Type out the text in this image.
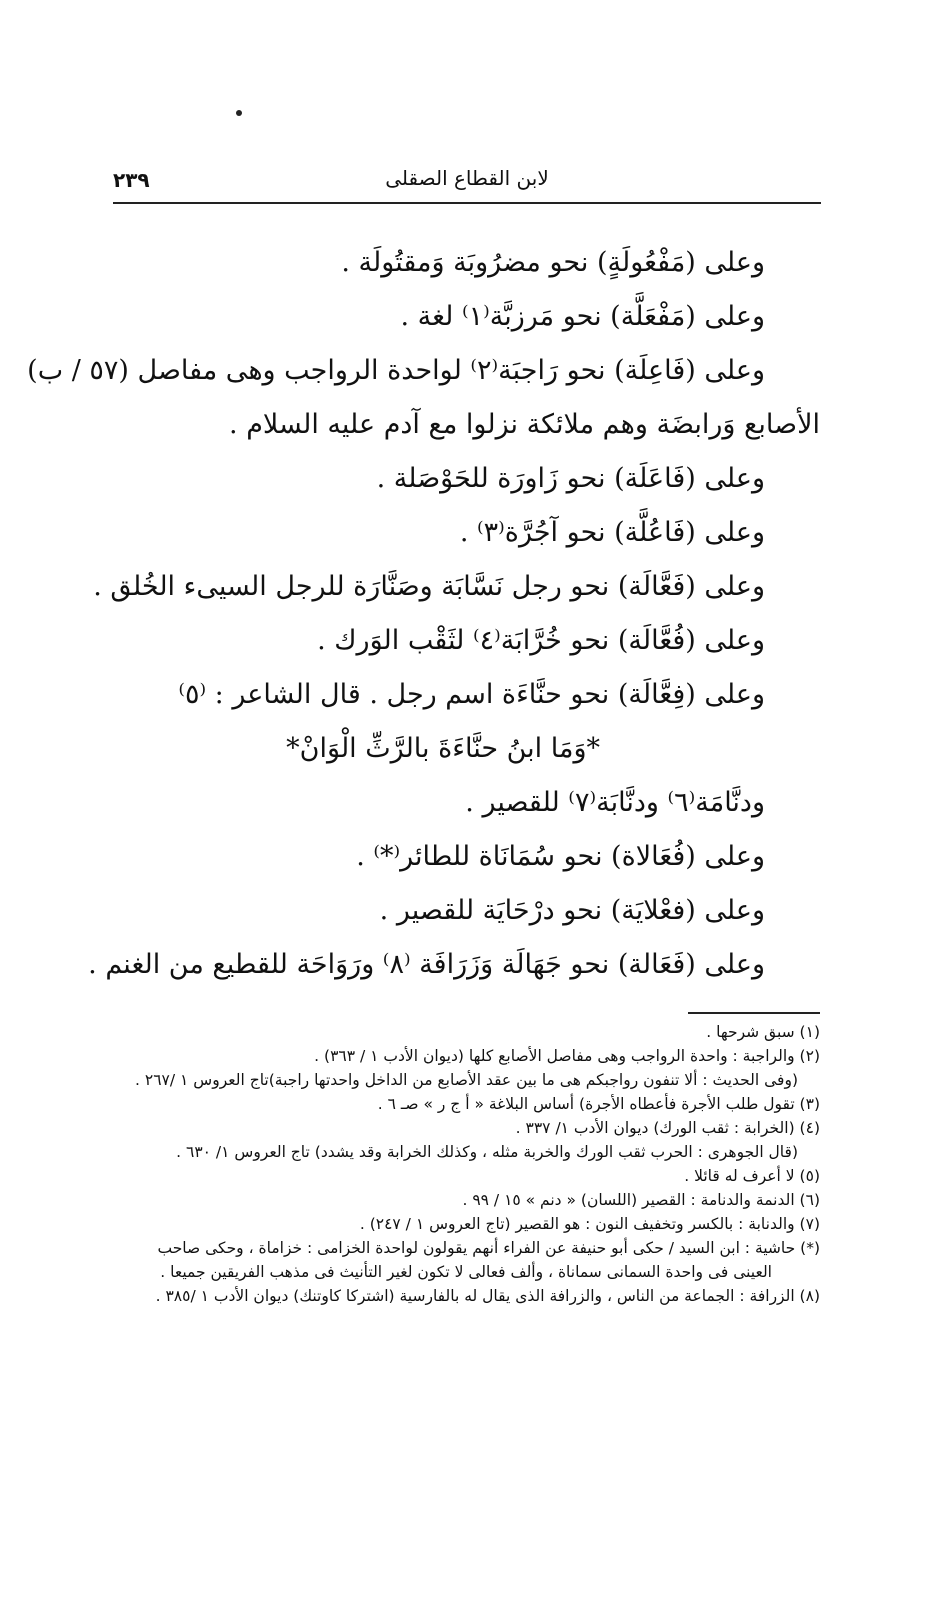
٢٣٩	لابن القطاع الصقلى
وعلى (مَفْعُولَةٍ) نحو مضرُوبَة وَمقتُولَة .
وعلى (مَفْعَلَّة) نحو مَرزبَّة⁽١⁾ لغة .
وعلى (فَاعِلَة) نحو رَاجبَة⁽٢⁾ لواحدة الرواجب وهى مفاصل (٥٧ / ب)
الأصابع وَرابضَة وهم ملائكة نزلوا مع آدم عليه السلام .
وعلى (فَاعَلَة) نحو زَاورَة للحَوْصَلة .
وعلى (فَاعُلَّة) نحو آجُرَّة⁽٣⁾ .
وعلى (فَعَّالَة) نحو رجل نَسَّابَة وصَنَّارَة للرجل السيىء الخُلق .
وعلى (فُعَّالَة) نحو خُرَّابَة⁽٤⁾ لثَقْب الوَرك .
وعلى (فِعَّالَة) نحو حنَّاءَة اسم رجل . قال الشاعر : ⁽٥⁾
*وَمَا ابنُ حنَّاءَةَ بالرَّثِّ الْوَانْ*
ودنَّامَة⁽٦⁾ ودنَّابَة⁽٧⁾ للقصير .
وعلى (فُعَالاة) نحو سُمَانَاة للطائر⁽*⁾ .
وعلى (فعْلايَة) نحو درْحَايَة للقصير .
وعلى (فَعَالة) نحو جَهَالَة وَزَرَافَة ⁽٨⁾ ورَوَاحَة للقطيع من الغنم .
(١) سبق شرحها .
(٢) والراجبة : واحدة الرواجب وهى مفاصل الأصابع كلها (ديوان الأدب ١ / ٣٦٣) .
(وفى الحديث : ألا تنفون رواجبكم هى ما بين عقد الأصابع من الداخل واحدتها راجبة)تاج العروس ١ /٢٦٧ .
(٣) تقول طلب الأجرة فأعطاه الأجرة) أساس البلاغة « أ ج ر » صـ ٦ .
(٤) (الخرابة : ثقب الورك) ديوان الأدب ١/ ٣٣٧ .
(قال الجوهرى : الحرب ثقب الورك والخربة مثله ، وكذلك الخرابة وقد يشدد) تاج العروس ١/ ٦٣٠ .
(٥) لا أعرف له قائلا .
(٦) الدنمة والدنامة : القصير (اللسان) « دنم » ١٥ / ٩٩ .
(٧) والدنابة : بالكسر وتخفيف النون : هو القصير (تاج العروس ١ / ٢٤٧) .
(*) حاشية : ابن السيد / حكى أبو حنيفة عن الفراء أنهم يقولون لواحدة الخزامى : خزاماة ، وحكى صاحب
العينى فى واحدة السمانى سماناة ، وألف فعالى لا تكون لغير التأنيث فى مذهب الفريقين جميعا .
(٨) الزرافة : الجماعة من الناس ، والزرافة الذى يقال له بالفارسية (اشتركا كاوتنك) ديوان الأدب ١ /٣٨٥ .
